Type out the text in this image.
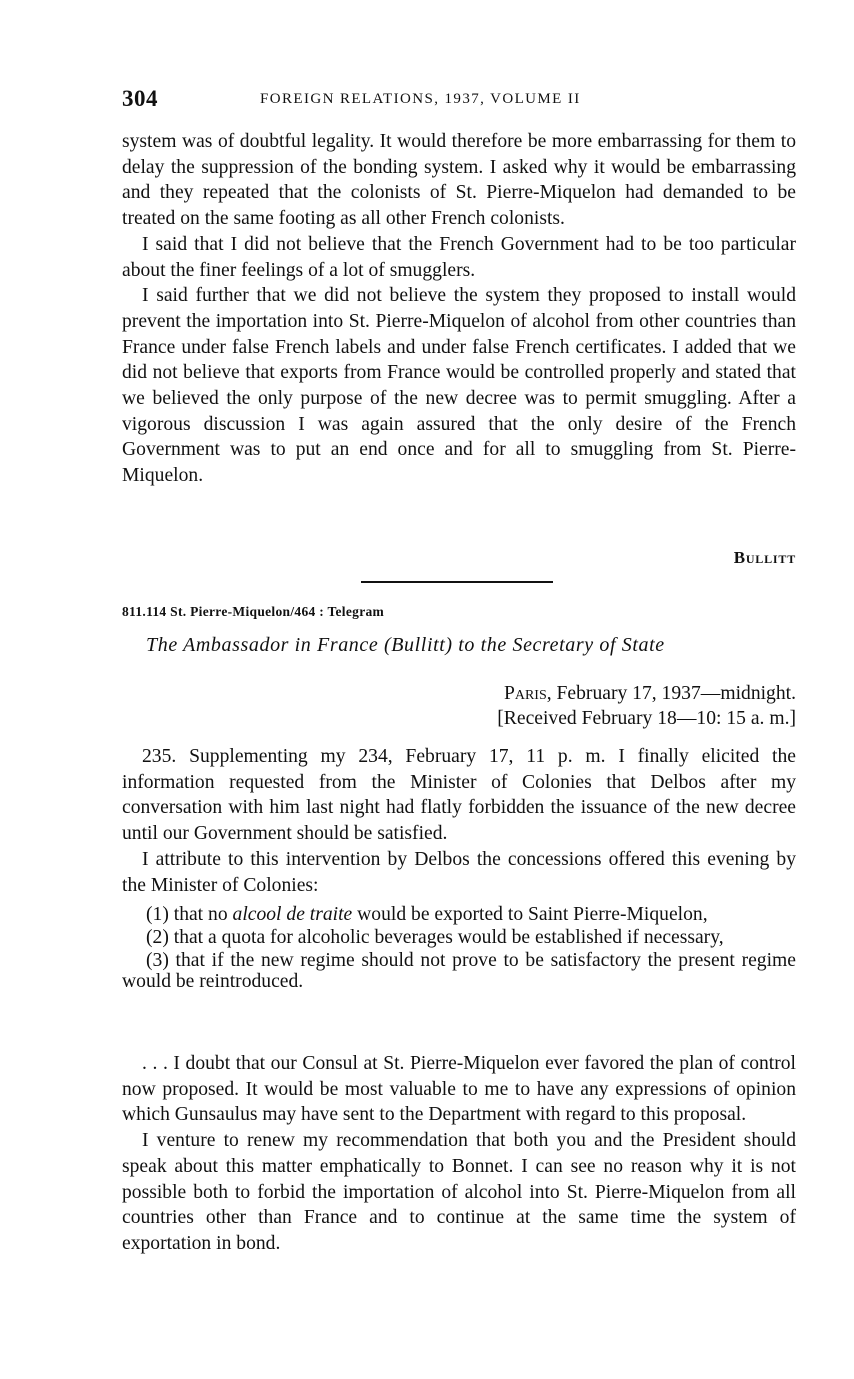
304	FOREIGN RELATIONS, 1937, VOLUME II

system was of doubtful legality. It would therefore be more embarrassing for them to delay the suppression of the bonding system. I asked why it would be embarrassing and they repeated that the colonists of St. Pierre-Miquelon had demanded to be treated on the same footing as all other French colonists.

I said that I did not believe that the French Government had to be too particular about the finer feelings of a lot of smugglers.

I said further that we did not believe the system they proposed to install would prevent the importation into St. Pierre-Miquelon of alcohol from other countries than France under false French labels and under false French certificates. I added that we did not believe that exports from France would be controlled properly and stated that we believed the only purpose of the new decree was to permit smuggling. After a vigorous discussion I was again assured that the only desire of the French Government was to put an end once and for all to smuggling from St. Pierre-Miquelon.

Bullitt
811.114 St. Pierre-Miquelon/464 : Telegram
The Ambassador in France (Bullitt) to the Secretary of State
Paris, February 17, 1937—midnight.
[Received February 18—10: 15 a. m.]

235. Supplementing my 234, February 17, 11 p. m. I finally elicited the information requested from the Minister of Colonies that Delbos after my conversation with him last night had flatly forbidden the issuance of the new decree until our Government should be satisfied.

I attribute to this intervention by Delbos the concessions offered this evening by the Minister of Colonies:

(1) that no alcool de traite would be exported to Saint Pierre-Miquelon,

(2) that a quota for alcoholic beverages would be established if necessary,

(3) that if the new regime should not prove to be satisfactory the present regime would be reintroduced.

. . . I doubt that our Consul at St. Pierre-Miquelon ever favored the plan of control now proposed. It would be most valuable to me to have any expressions of opinion which Gunsaulus may have sent to the Department with regard to this proposal.

I venture to renew my recommendation that both you and the President should speak about this matter emphatically to Bonnet. I can see no reason why it is not possible both to forbid the importation of alcohol into St. Pierre-Miquelon from all countries other than France and to continue at the same time the system of exportation in bond.
